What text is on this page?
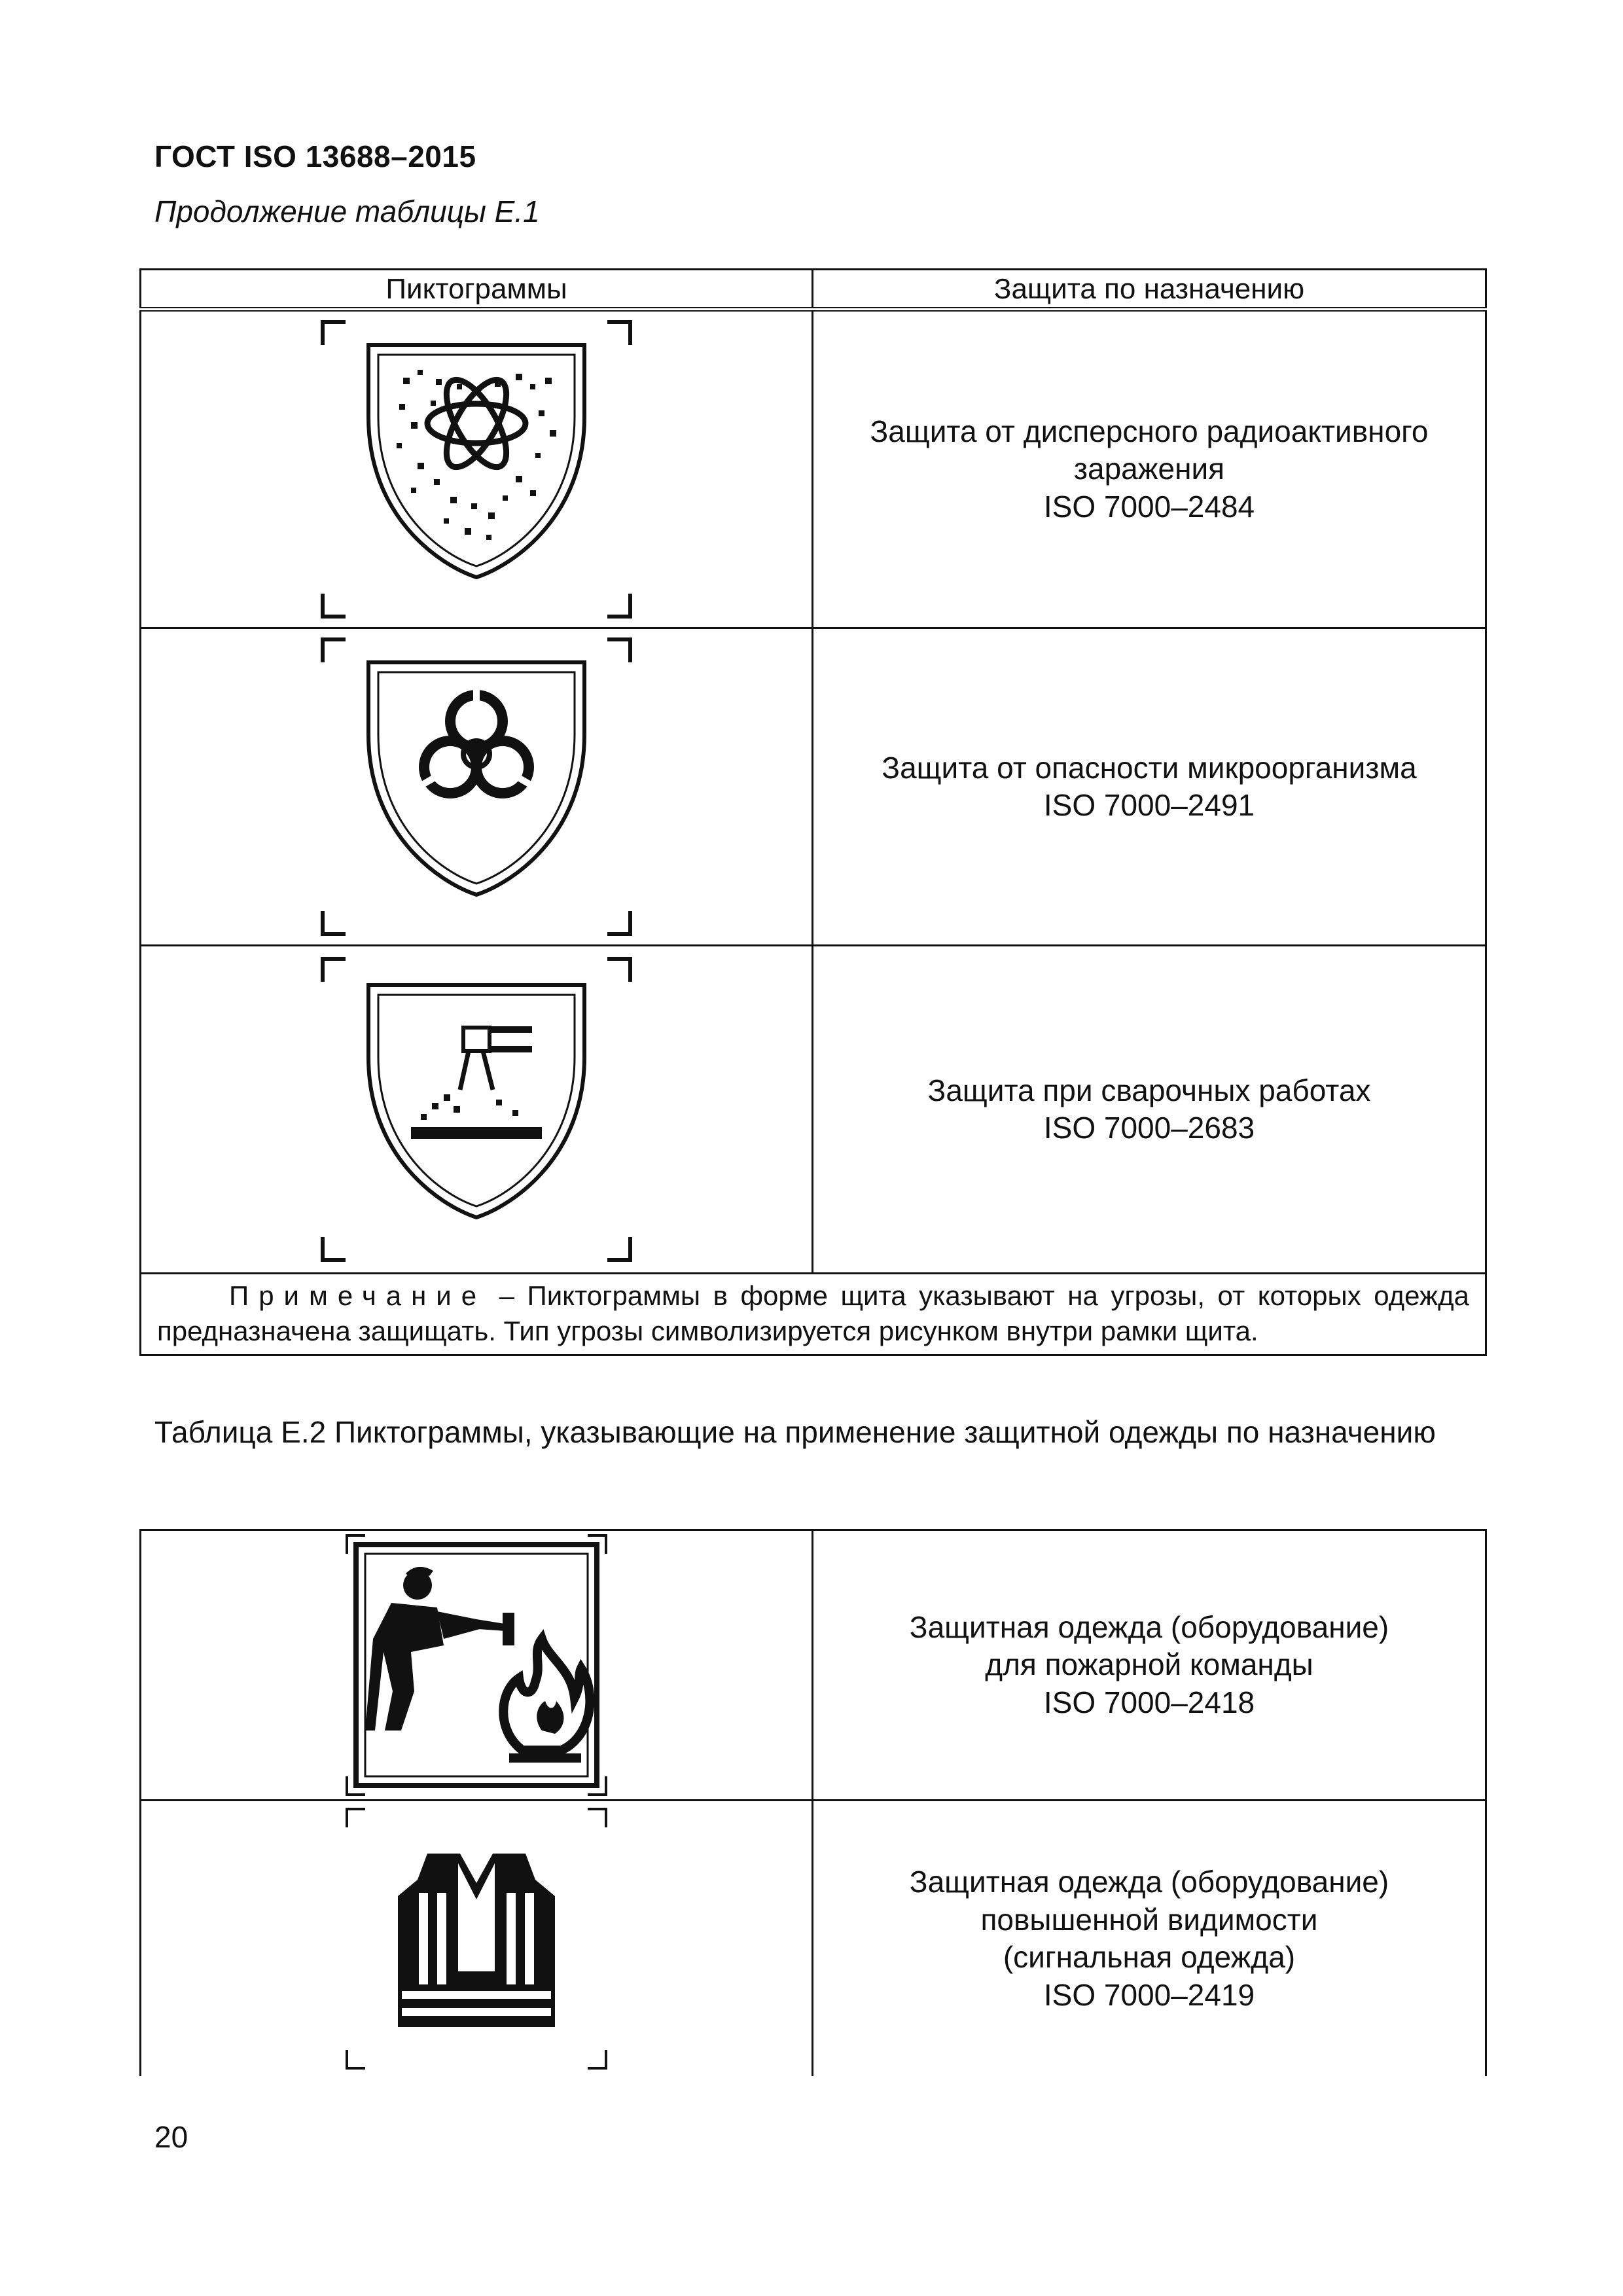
ГОСТ ISO 13688–2015
Продолжение таблицы Е.1
Пиктограммы	Защита по назначению

Защита от дисперсного радиоактивного
заражения
ISO 7000–2484

Защита от опасности микроорганизма
ISO 7000–2491

Защита при сварочных работах
ISO 7000–2683

Примечание – Пиктограммы в форме щита указывают на угрозы, от которых одежда предназначена защищать. Тип угрозы символизируется рисунком внутри рамки щита.	
Таблица Е.2 Пиктограммы, указывающие на применение защитной одежды по назначению

Защитная одежда (оборудование)
для пожарной команды
ISO 7000–2418

Защитная одежда (оборудование)
повышенной видимости
(сигнальная одежда)
ISO 7000–2419
20
